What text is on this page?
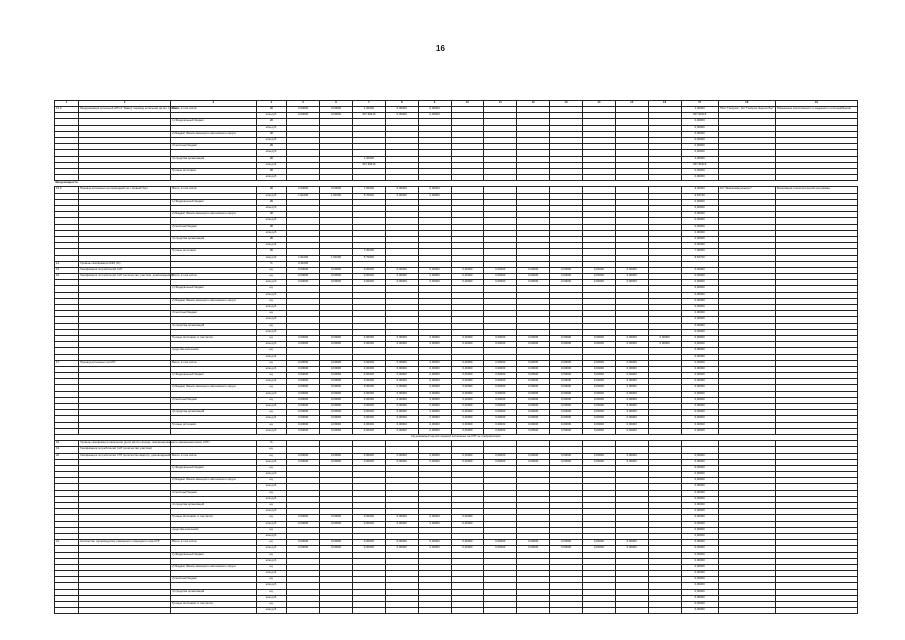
16
1	2	3	4	5	6	7	8	9	10	11	12	13	14	15	16	17	18	19
13.2.	Модернизация котельной АТП-3 "Завод" перевод котельной на газ. топливо	Всего, в том числе:	кВ	0,00000	0,00000	1,00000	0,00000	0,00000								1,00000	ПАО "Газпром", АО "Газпром Энергосбыт"	Повышение качественного и надежного теплоснабжения
			млн.руб.	0,00000	0,00000	307,96415	0,00000	0,00000								307,96415		
		1) Федеральный бюджет	кВ													0,00000		
			млн.руб.													0,00000		
		2) Бюджет Ямало-Ненецкого автономного округа	кВ													0,00000		
			млн.руб.													0,00000		
		3) местный бюджет	кВ													0,00000		
			млн.руб.													0,00000		
		4) средства организаций	кВ			1,00000										1,00000		
			млн.руб.			307,96415										307,96415		
		5) иные источники	кВ													0,00000		
			млн.руб.													0,00000		
Ввод мощности																		
13.4.	Перевод котельных на природный газ г. Новый Порт	Всего, в том числе:	кВ	2,00000	0,00000	7,00000	0,00000	0,00000								9,00000	АО "Ямалкоммунэнерго"	Реализация технологической программы
			млн.руб.	1,91000	1,91000	5,70600	0,00000	0,00000								9,52700		
		1) Федеральный бюджет	кВ													0,00000		
			млн.руб.													0,00000		
		2) Бюджет Ямало-Ненецкого автономного округа	кВ													0,00000		
			млн.руб.													0,00000		
		3) местный бюджет	кВ													0,00000		
			млн.руб.													0,00000		
		4) средства организаций	кВ													0,00000		
			млн.руб.													0,00000		
		5) иные источники	кВ			7,00000										7,00000		
			млн.руб.	1,91000	1,91000	5,70600										9,52700		
14.	Уровень газификации ЖКХ (%)		%	0,31000														
15.	Газификация потребителей СНТ		ед.	0,00000	0,00000	0,00000	0,00000	0,00000	0,00000	0,00000	0,00000	0,00000	0,00000	0,00000		0,00000		
16.	Газификация потребителей СНТ (количество участков, домовладений)	Всего, в том числе:	ед.	0,00000	0,00000	0,00000	0,00000	0,00000	0,00000	0,00000	0,00000	0,00000	0,00000	0,00000		0,00000		
			млн.руб.	0,00000	0,00000	0,00000	0,00000	0,00000	0,00000	0,00000	0,00000	0,00000	0,00000	0,00000		0,00000		
		1) Федеральный бюджет	ед.													0,00000		
			млн.руб.													0,00000		
		2) Бюджет Ямало-Ненецкого автономного округа	ед.													0,00000		
			млн.руб.													0,00000		
		3) местный бюджет	ед.													0,00000		
			млн.руб.													0,00000		
		4) средства организаций	ед.													0,00000		
			млн.руб.													0,00000		
		5) иные источники, в том числе:	ед.	0,00000	0,00000	0,00000	0,00000	0,00000	0,00000	0,00000	0,00000	0,00000	0,00000	0,00000	0,00000	0,00000		
			млн.руб.	0,00000	0,00000	0,00000	0,00000	0,00000	0,00000	0,00000	0,00000	0,00000	0,00000	0,00000	0,00000	0,00000		
		средства населения	ед.													0,00000		
			млн.руб.													0,00000		
17.	Перевод котельных на СПГ	Всего, в том числе:	ед.	0,00000	0,00000	0,00000	0,00000	0,00000	0,00000	0,00000	0,00000	0,00000	0,00000	0,00000		0,00000		
			млн.руб.	0,00000	0,00000	0,00000	0,00000	0,00000	0,00000	0,00000	0,00000	0,00000	0,00000	0,00000		0,00000		
		1) Федеральный бюджет	ед.	0,00000	0,00000	0,00000	0,00000	0,00000	0,00000	0,00000	0,00000	0,00000	0,00000	0,00000		0,00000		
			млн.руб.	0,00000	0,00000	0,00000	0,00000	0,00000	0,00000	0,00000	0,00000	0,00000	0,00000	0,00000		0,00000		
		2) Бюджет Ямало-Ненецкого автономного округа	ед.	0,00000	0,00000	0,00000	0,00000	0,00000	0,00000	0,00000	0,00000	0,00000	0,00000	0,00000		0,00000		
			млн.руб.	0,00000	0,00000	0,00000	0,00000	0,00000	0,00000	0,00000	0,00000	0,00000	0,00000	0,00000		0,00000		
		3) местный бюджет	ед.	0,00000	0,00000	0,00000	0,00000	0,00000	0,00000	0,00000	0,00000	0,00000	0,00000	0,00000		0,00000		
			млн.руб.	0,00000	0,00000	0,00000	0,00000	0,00000	0,00000	0,00000	0,00000	0,00000	0,00000	0,00000		0,00000		
		4) средства организаций	ед.	0,00000	0,00000	0,00000	0,00000	0,00000	0,00000	0,00000	0,00000	0,00000	0,00000	0,00000		0,00000		
			млн.руб.	0,00000	0,00000	0,00000	0,00000	0,00000	0,00000	0,00000	0,00000	0,00000	0,00000	0,00000		0,00000		
		5) иные источники	ед.	0,00000	0,00000	0,00000	0,00000	0,00000	0,00000	0,00000	0,00000	0,00000	0,00000	0,00000		0,00000		
			млн.руб.	0,00000	0,00000	0,00000	0,00000	0,00000	0,00000	0,00000	0,00000	0,00000	0,00000	0,00000		0,00000		
На указанный период перевод котельных на СПГ не предусмотрен																		
18.	Уровень газификации населения (доля жилого фонда, газифицированного сжиженным газом, СПГ)		%															
19.	Газификация потребителей СНТ (количество участков)		ед.															
20.	Газификация потребителей СПГ (количество квартир, домовладений)	Всего, в том числе:	ед.	0,00000	0,00000	0,00000	0,00000	0,00000	0,00000	0,00000	0,00000	0,00000	0,00000	0,00000		0,00000		
			млн.руб.	0,00000	0,00000	0,00000	0,00000	0,00000	0,00000	0,00000	0,00000	0,00000	0,00000	0,00000		0,00000		
		1) Федеральный бюджет	ед.													0,00000		
			млн.руб.													0,00000		
		2) Бюджет Ямало-Ненецкого автономного округа	ед.													0,00000		
			млн.руб.													0,00000		
		3) местный бюджет	ед.													0,00000		
			млн.руб.													0,00000		
		4) средства организаций	ед.													0,00000		
			млн.руб.													0,00000		
		5) иные источники, в том числе:	ед.	0,00000	0,00000	0,00000	0,00000	0,00000	0,00000							0,00000		
			млн.руб.	0,00000	0,00000	0,00000	0,00000	0,00000	0,00000							0,00000		
		средства населения	ед.													0,00000		
			млн.руб.													0,00000		
21.	Количество (производство) сжиженного природного газа СПГ	Всего, в том числе:	ед.	0,00000	0,00000	0,00000	0,00000	0,00000	0,00000	0,00000	0,00000	0,00000	0,00000	0,00000		0,00000		
			млн.руб.	0,00000	0,00000	0,00000	0,00000	0,00000	0,00000	0,00000	0,00000	0,00000	0,00000	0,00000		0,00000		
		1) Федеральный бюджет	ед.													0,00000		
			млн.руб.													0,00000		
		2) Бюджет Ямало-Ненецкого автономного округа	ед.													0,00000		
			млн.руб.													0,00000		
		3) местный бюджет	ед.													0,00000		
			млн.руб.													0,00000		
		4) средства организаций	ед.													0,00000		
			млн.руб.													0,00000		
		5) иные источники, в том числе:	ед.													0,00000		
			млн.руб.													0,00000		
